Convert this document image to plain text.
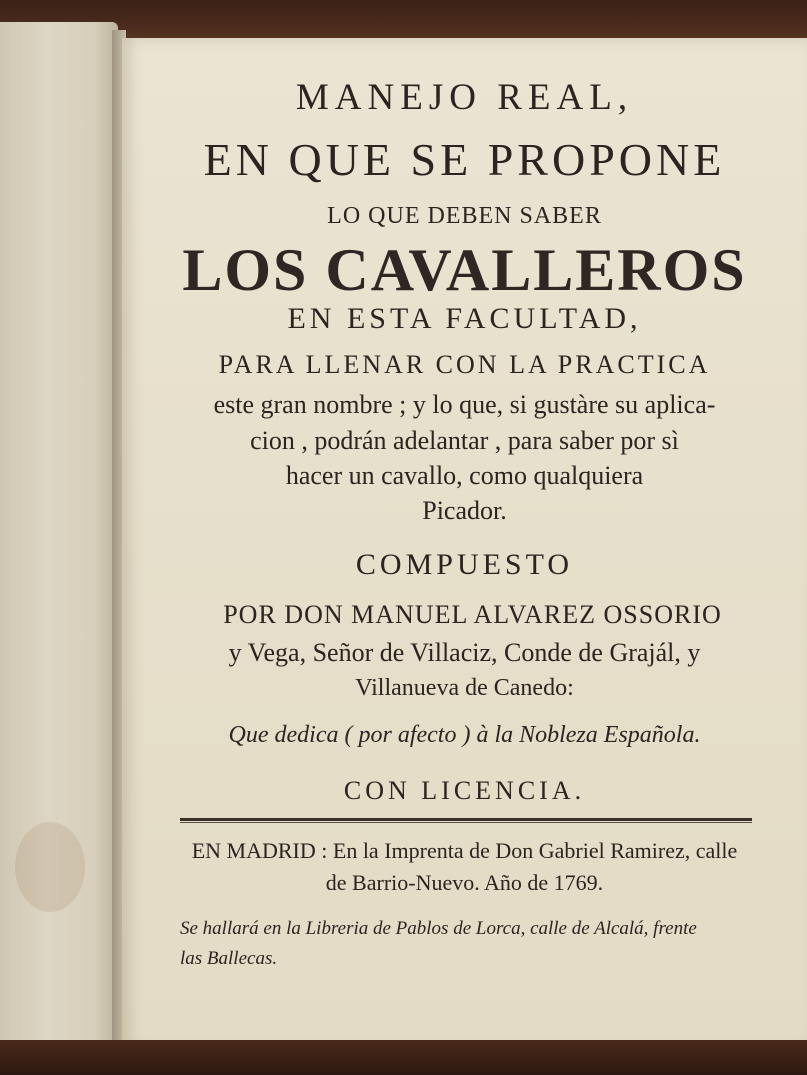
MANEJO REAL,

EN QUE SE PROPONE

LO QUE DEBEN SABER

LOS CAVALLEROS

EN ESTA FACULTAD,

PARA LLENAR CON LA PRACTICA

este gran nombre ; y lo que, si gustàre su aplica-

cion , podrán adelantar , para saber por sì

hacer un cavallo, como qualquiera

Picador.

COMPUESTO

POR DON MANUEL ALVAREZ OSSORIO

y Vega, Señor de Villaciz, Conde de Grajál, y

Villanueva de Canedo:

Que dedica ( por afecto ) à la Nobleza Española.

CON LICENCIA.

EN MADRID : En la Imprenta de Don Gabriel Ramirez, calle

de Barrio-Nuevo. Año de 1769.

Se hallará en la Libreria de Pablos de Lorca, calle de Alcalá, frente

las Ballecas.
